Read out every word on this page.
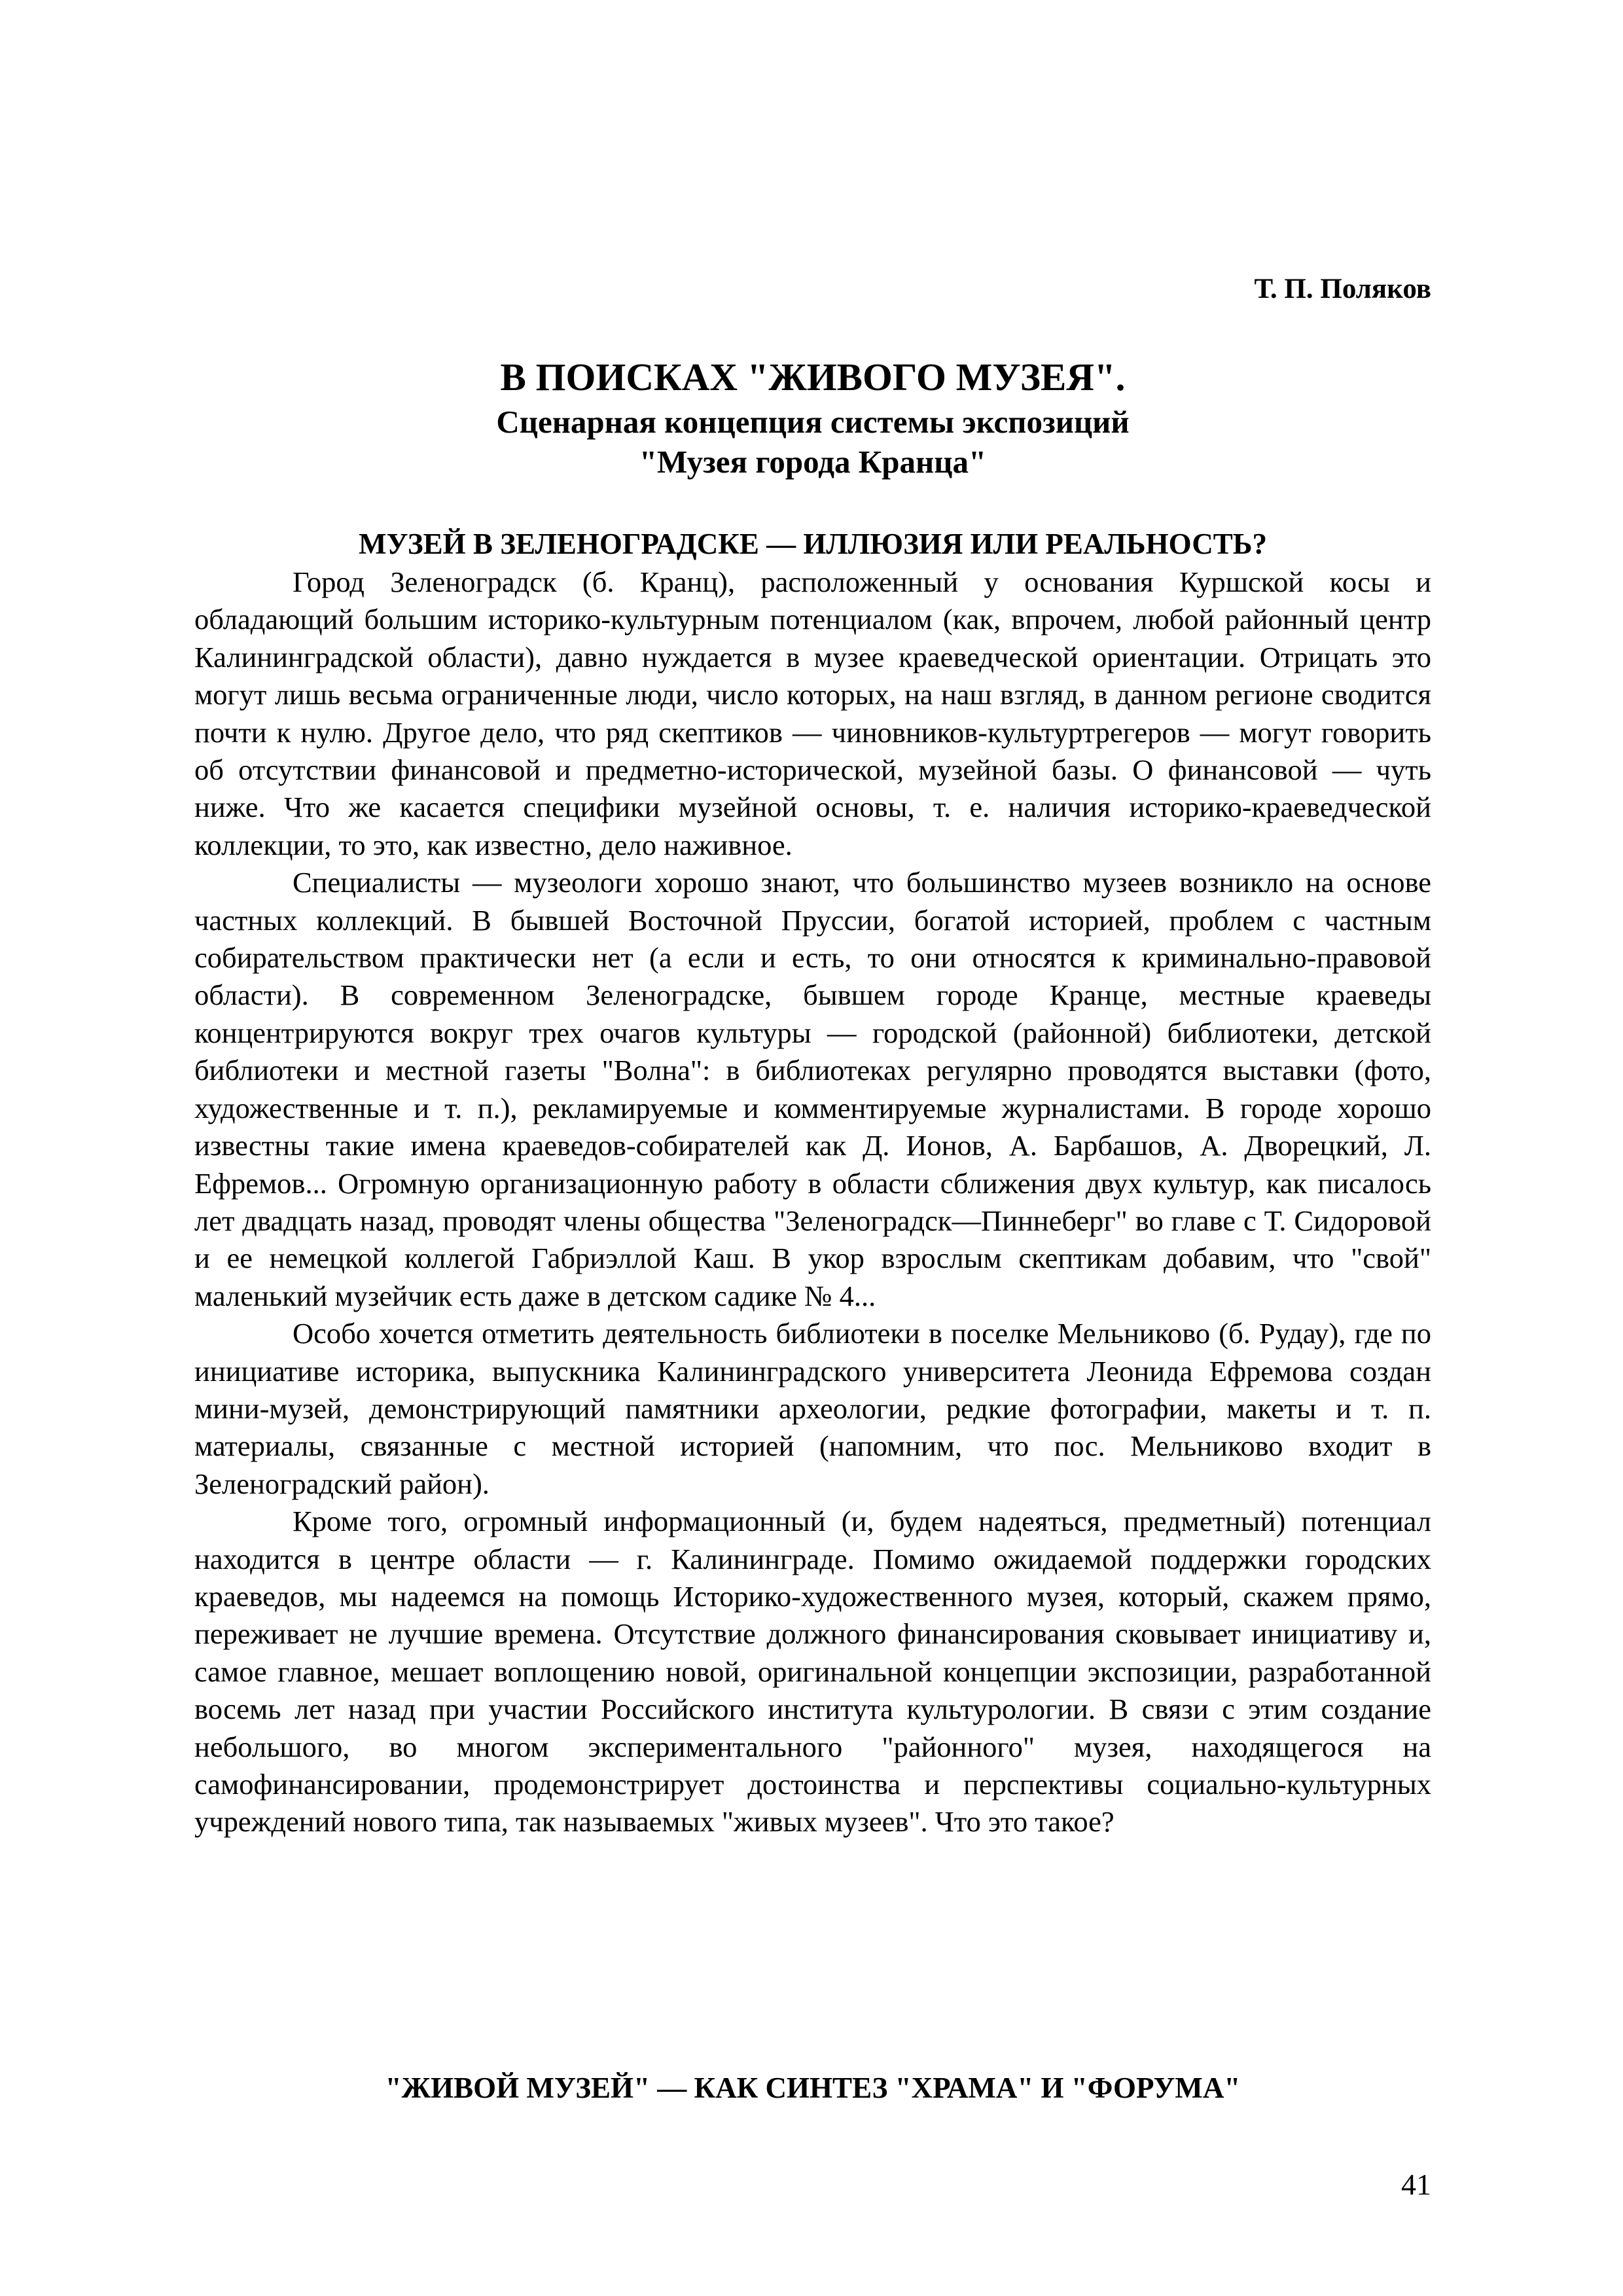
Т. П. Поляков
В ПОИСКАХ "ЖИВОГО МУЗЕЯ".
Сценарная концепция системы экспозиций
"Музея города Кранца"
МУЗЕЙ В ЗЕЛЕНОГРАДСКЕ — ИЛЛЮЗИЯ ИЛИ РЕАЛЬНОСТЬ?

Город Зеленоградск (б. Кранц), расположенный у основания Куршской косы и обладающий большим историко-культурным потенциалом (как, впрочем, любой районный центр Калининградской области), давно нуждается в музее краеведческой ориентации. Отрицать это могут лишь весьма ограниченные люди, число которых, на наш взгляд, в данном регионе сводится почти к нулю. Другое дело, что ряд скептиков — чиновников-культуртрегеров — могут говорить об отсутствии финансовой и предметно-исторической, музейной базы. О финансовой — чуть ниже. Что же касается специфики музейной основы, т. е. наличия историко-краеведческой коллекции, то это, как известно, дело наживное.

Специалисты — музеологи хорошо знают, что большинство музеев возникло на основе частных коллекций. В бывшей Восточной Пруссии, богатой историей, проблем с частным собирательством практически нет (а если и есть, то они относятся к криминально-правовой области). В современном Зеленоградске, бывшем городе Кранце, местные краеведы концентрируются вокруг трех очагов культуры — городской (районной) библиотеки, детской библиотеки и местной газеты "Волна": в библиотеках регулярно проводятся выставки (фото, художественные и т. п.), рекламируемые и комментируемые журналистами. В городе хорошо известны такие имена краеведов-собирателей как Д. Ионов, А. Барбашов, А. Дворецкий, Л. Ефремов... Огромную организационную работу в области сближения двух культур, как писалось лет двадцать назад, проводят члены общества "Зеленоградск—Пиннеберг" во главе с Т. Сидоровой и ее немецкой коллегой Габриэллой Каш. В укор взрослым скептикам добавим, что "свой" маленький музейчик есть даже в детском садике № 4...

Особо хочется отметить деятельность библиотеки в поселке Мельниково (б. Рудау), где по инициативе историка, выпускника Калининградского университета Леонида Ефремова создан мини-музей, демонстрирующий памятники археологии, редкие фотографии, макеты и т. п. материалы, связанные с местной историей (напомним, что пос. Мельниково входит в Зеленоградский район).

Кроме того, огромный информационный (и, будем надеяться, предметный) потенциал находится в центре области — г. Калининграде. Помимо ожидаемой поддержки городских краеведов, мы надеемся на помощь Историко-художественного музея, который, скажем прямо, переживает не лучшие времена. Отсутствие должного финансирования сковывает инициативу и, самое главное, мешает воплощению новой, оригинальной концепции экспозиции, разработанной восемь лет назад при участии Российского института культурологии. В связи с этим создание небольшого, во многом экспериментального "районного" музея, находящегося на самофинансировании, продемонстрирует достоинства и перспективы социально-культурных учреждений нового типа, так называемых "живых музеев". Что это такое?

"ЖИВОЙ МУЗЕЙ" — КАК СИНТЕЗ "ХРАМА" И "ФОРУМА"
41
